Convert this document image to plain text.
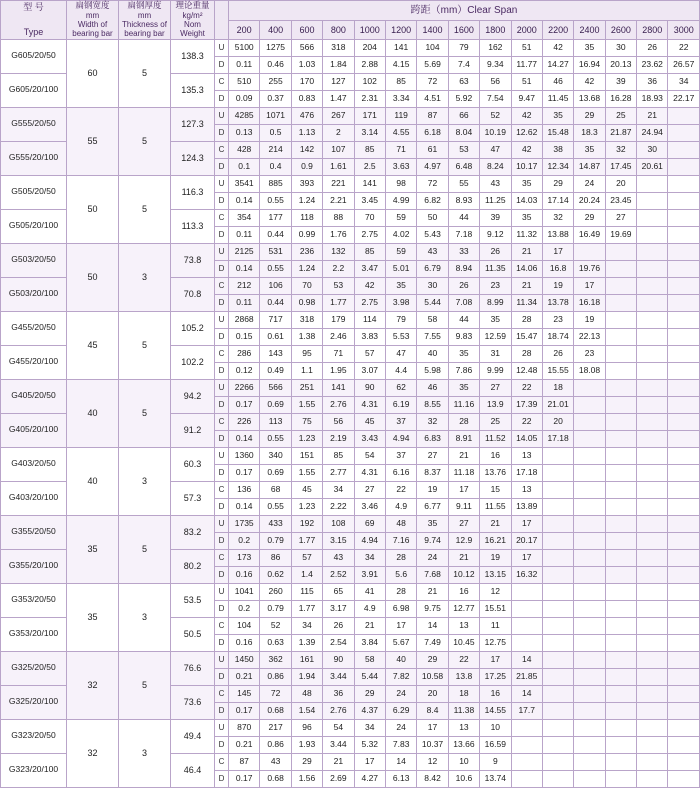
型 号
Type	扁钢宽度
mm
Width of bearing bar	扁钢厚度
mm
Thickness of bearing bar	理论重量
kg/m²
Nom Weight		跨距（mm）Clear Span														
					200	400	600	800	1000	1200	1400	1600	1800	2000	2200	2400	2600	2800	3000
G605/20/50	60	5	138.3	U	5100	1275	566	318	204	141	104	79	162	51	42	35	30	26	22
				D	0.11	0.46	1.03	1.84	2.88	4.15	5.69	7.4	9.34	11.77	14.27	16.94	20.13	23.62	26.57
G605/20/100			135.3	C	510	255	170	127	102	85	72	63	56	51	46	42	39	36	34
				D	0.09	0.37	0.83	1.47	2.31	3.34	4.51	5.92	7.54	9.47	11.45	13.68	16.28	18.93	22.17
G555/20/50	55	5	127.3	U	4285	1071	476	267	171	119	87	66	52	42	35	29	25	21	
				D	0.13	0.5	1.13	2	3.14	4.55	6.18	8.04	10.19	12.62	15.48	18.3	21.87	24.94	
G555/20/100			124.3	C	428	214	142	107	85	71	61	53	47	42	38	35	32	30	
				D	0.1	0.4	0.9	1.61	2.5	3.63	4.97	6.48	8.24	10.17	12.34	14.87	17.45	20.61	
G505/20/50	50	5	116.3	U	3541	885	393	221	141	98	72	55	43	35	29	24	20		
				D	0.14	0.55	1.24	2.21	3.45	4.99	6.82	8.93	11.25	14.03	17.14	20.24	23.45		
G505/20/100			113.3	C	354	177	118	88	70	59	50	44	39	35	32	29	27		
				D	0.11	0.44	0.99	1.76	2.75	4.02	5.43	7.18	9.12	11.32	13.88	16.49	19.69		
G503/20/50	50	3	73.8	U	2125	531	236	132	85	59	43	33	26	21	17				
				D	0.14	0.55	1.24	2.2	3.47	5.01	6.79	8.94	11.35	14.06	16.8	19.76			
G503/20/100			70.8	C	212	106	70	53	42	35	30	26	23	21	19	17			
				D	0.11	0.44	0.98	1.77	2.75	3.98	5.44	7.08	8.99	11.34	13.78	16.18			
G455/20/50	45	5	105.2	U	2868	717	318	179	114	79	58	44	35	28	23	19			
				D	0.15	0.61	1.38	2.46	3.83	5.53	7.55	9.83	12.59	15.47	18.74	22.13			
G455/20/100			102.2	C	286	143	95	71	57	47	40	35	31	28	26	23			
				D	0.12	0.49	1.1	1.95	3.07	4.4	5.98	7.86	9.99	12.48	15.55	18.08			
G405/20/50	40	5	94.2	U	2266	566	251	141	90	62	46	35	27	22	18				
				D	0.17	0.69	1.55	2.76	4.31	6.19	8.55	11.16	13.9	17.39	21.01				
G405/20/100			91.2	C	226	113	75	56	45	37	32	28	25	22	20				
				D	0.14	0.55	1.23	2.19	3.43	4.94	6.83	8.91	11.52	14.05	17.18				
G403/20/50	40	3	60.3	U	1360	340	151	85	54	37	27	21	16	13					
				D	0.17	0.69	1.55	2.77	4.31	6.16	8.37	11.18	13.76	17.18					
G403/20/100			57.3	C	136	68	45	34	27	22	19	17	15	13					
				D	0.14	0.55	1.23	2.22	3.46	4.9	6.77	9.11	11.55	13.89					
G355/20/50	35	5	83.2	U	1735	433	192	108	69	48	35	27	21	17					
				D	0.2	0.79	1.77	3.15	4.94	7.16	9.74	12.9	16.21	20.17					
G355/20/100			80.2	C	173	86	57	43	34	28	24	21	19	17					
				D	0.16	0.62	1.4	2.52	3.91	5.6	7.68	10.12	13.15	16.32					
G353/20/50	35	3	53.5	U	1041	260	115	65	41	28	21	16	12						
				D	0.2	0.79	1.77	3.17	4.9	6.98	9.75	12.77	15.51						
G353/20/100			50.5	C	104	52	34	26	21	17	14	13	11						
				D	0.16	0.63	1.39	2.54	3.84	5.67	7.49	10.45	12.75						
G325/20/50	32	5	76.6	U	1450	362	161	90	58	40	29	22	17	14					
				D	0.21	0.86	1.94	3.44	5.44	7.82	10.58	13.8	17.25	21.85					
G325/20/100			73.6	C	145	72	48	36	29	24	20	18	16	14					
				D	0.17	0.68	1.54	2.76	4.37	6.29	8.4	11.38	14.55	17.7					
G323/20/50	32	3	49.4	U	870	217	96	54	34	24	17	13	10						
				D	0.21	0.86	1.93	3.44	5.32	7.83	10.37	13.66	16.59						
G323/20/100			46.4	C	87	43	29	21	17	14	12	10	9						
				D	0.17	0.68	1.56	2.69	4.27	6.13	8.42	10.6	13.74						
